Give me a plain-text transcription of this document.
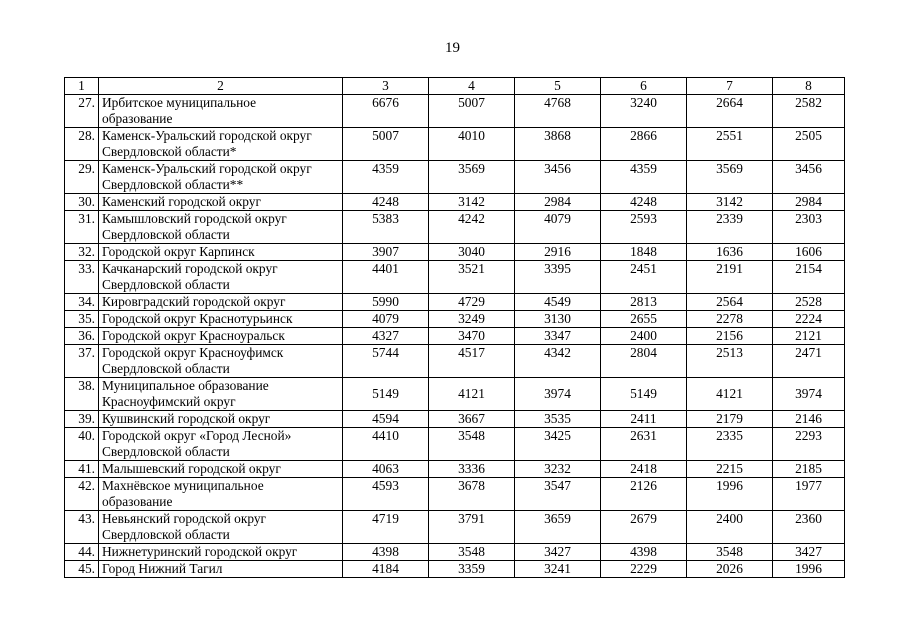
19
1	2	3	4	5	6	7	8
27.	Ирбитское муниципальное
образование	6676	5007	4768	3240	2664	2582
28.	Каменск-Уральский городской округ
Свердловской области*	5007	4010	3868	2866	2551	2505
29.	Каменск-Уральский городской округ
Свердловской области**	4359	3569	3456	4359	3569	3456
30.	Каменский городской округ	4248	3142	2984	4248	3142	2984
31.	Камышловский городской округ
Свердловской области	5383	4242	4079	2593	2339	2303
32.	Городской округ Карпинск	3907	3040	2916	1848	1636	1606
33.	Качканарский городской округ
Свердловской области	4401	3521	3395	2451	2191	2154
34.	Кировградский городской округ	5990	4729	4549	2813	2564	2528
35.	Городской округ Краснотурьинск	4079	3249	3130	2655	2278	2224
36.	Городской округ Красноуральск	4327	3470	3347	2400	2156	2121
37.	Городской округ Красноуфимск
Свердловской области	5744	4517	4342	2804	2513	2471
38.	Муниципальное образование
Красноуфимский округ	5149	4121	3974	5149	4121	3974
39.	Кушвинский городской округ	4594	3667	3535	2411	2179	2146
40.	Городской округ «Город Лесной»
Свердловской области	4410	3548	3425	2631	2335	2293
41.	Малышевский городской округ	4063	3336	3232	2418	2215	2185
42.	Махнёвское муниципальное
образование	4593	3678	3547	2126	1996	1977
43.	Невьянский городской округ
Свердловской области	4719	3791	3659	2679	2400	2360
44.	Нижнетуринский городской округ	4398	3548	3427	4398	3548	3427
45.	Город Нижний Тагил	4184	3359	3241	2229	2026	1996
